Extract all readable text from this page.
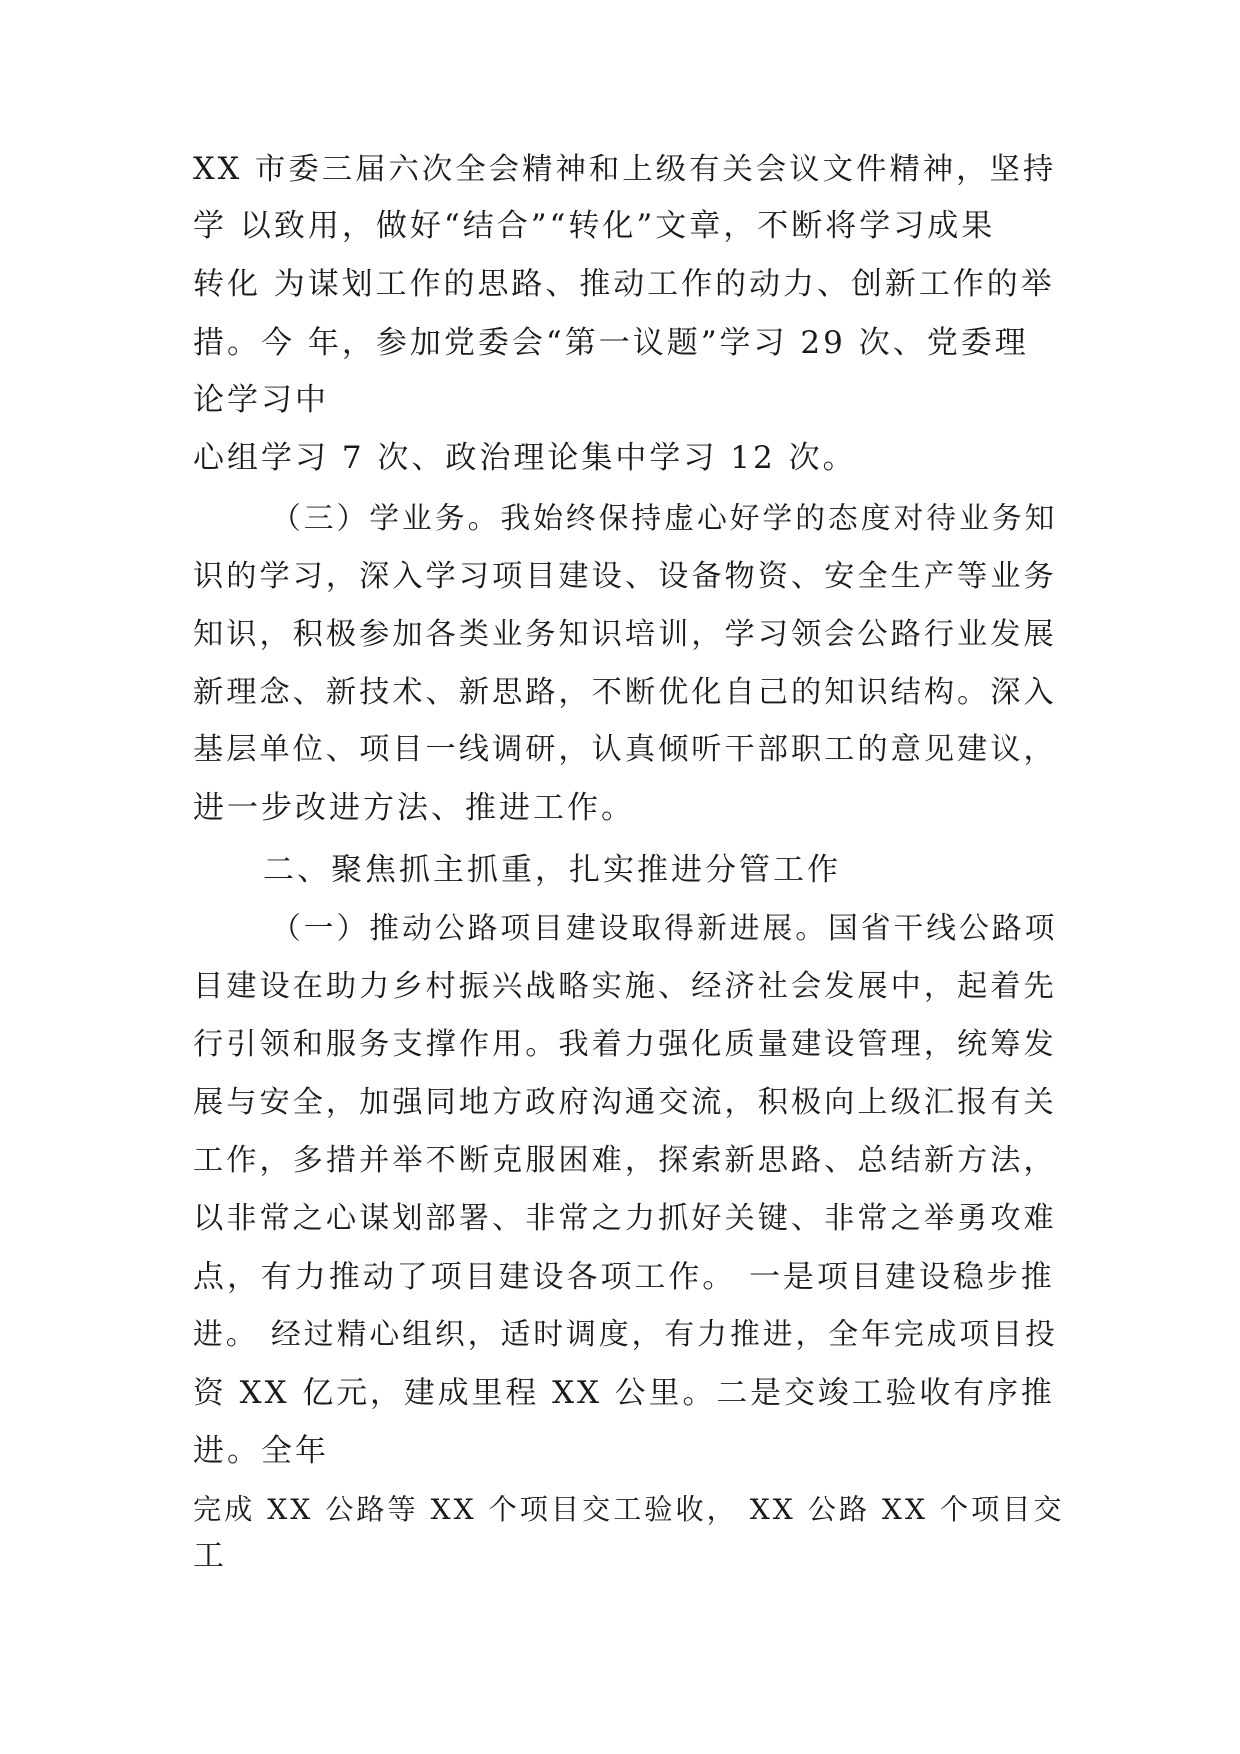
XX 市委三届六次全会精神和上级有关会议文件精神，坚持

学 以致用，做好“结合”“转化”文章，不断将学习成果

转化 为谋划工作的思路、推动工作的动力、创新工作的举

措。今 年，参加党委会“第一议题”学习 29 次、党委理

论学习中

心组学习 7 次、政治理论集中学习 12 次。

（三）学业务。我始终保持虚心好学的态度对待业务知

识的学习，深入学习项目建设、设备物资、安全生产等业务

知识，积极参加各类业务知识培训，学习领会公路行业发展

新理念、新技术、新思路，不断优化自己的知识结构。深入

基层单位、项目一线调研，认真倾听干部职工的意见建议，

进一步改进方法、推进工作。

二、聚焦抓主抓重，扎实推进分管工作

（一）推动公路项目建设取得新进展。国省干线公路项

目建设在助力乡村振兴战略实施、经济社会发展中，起着先

行引领和服务支撑作用。我着力强化质量建设管理，统筹发

展与安全，加强同地方政府沟通交流，积极向上级汇报有关

工作，多措并举不断克服困难，探索新思路、总结新方法，

以非常之心谋划部署、非常之力抓好关键、非常之举勇攻难

点，有力推动了项目建设各项工作。 一是项目建设稳步推

进。 经过精心组织，适时调度，有力推进，全年完成项目投

资 XX 亿元，建成里程 XX 公里。二是交竣工验收有序推

进。全年

完成 XX 公路等 XX 个项目交工验收， XX 公路 XX 个项目交

工
